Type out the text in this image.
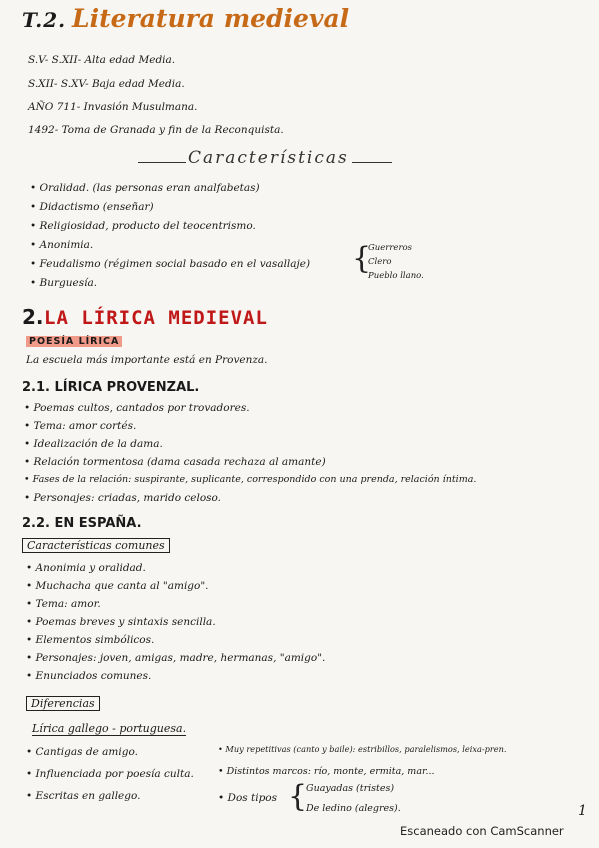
T.2. Literatura medieval
S.V- S.XII- Alta edad Media.
S.XII- S.XV- Baja edad Media.
AÑO 711- Invasión Musulmana.
1492- Toma de Granada y fin de la Reconquista.
Características
• Oralidad. (las personas eran analfabetas)
• Didactismo (enseñar)
• Religiosidad, producto del teocentrismo.
• Anonimia.
• Feudalismo (régimen social basado en el vasallaje)
• Burguesía.
{
Guerreros
Clero
Pueblo llano.
2. LA LÍRICA MEDIEVAL
POESÍA LÍRICA
La escuela más importante está en Provenza.
2.1. LÍRICA PROVENZAL.
• Poemas cultos, cantados por trovadores.
• Tema: amor cortés.
• Idealización de la dama.
• Relación tormentosa (dama casada rechaza al amante)
• Fases de la relación: suspirante, suplicante, correspondido con una prenda, relación íntima.
• Personajes: criadas, marido celoso.
2.2. EN ESPAÑA.
Características comunes
• Anonimia y oralidad.
• Muchacha que canta al "amigo".
• Tema: amor.
• Poemas breves y sintaxis sencilla.
• Elementos simbólicos.
• Personajes: joven, amigas, madre, hermanas, "amigo".
• Enunciados comunes.
Diferencias
Lírica gallego - portuguesa.
• Cantigas de amigo.
• Influenciada por poesía culta.
• Escritas en gallego.
• Muy repetitivas (canto y baile): estribillos, paralelismos, leixa-pren.
• Distintos marcos: río, monte, ermita, mar...
• Dos tipos {
Guayadas (tristes)
De ledino (alegres).	1
Escaneado con CamScanner
